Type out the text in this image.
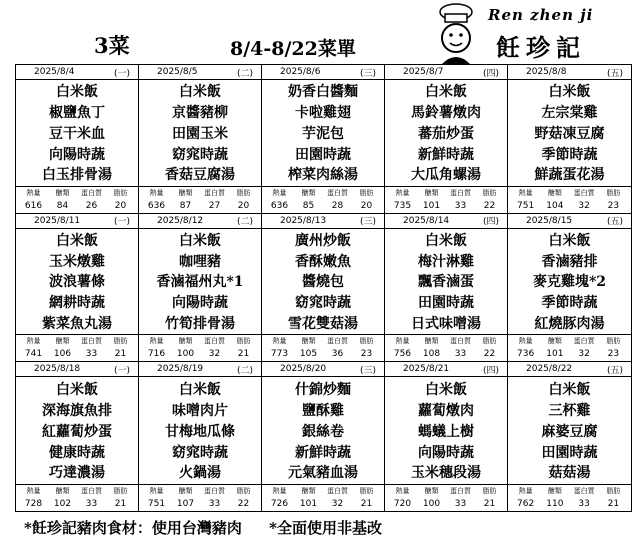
3菜	8/4-8/22菜單
Ren zhen ji
飪珍記
2025/8/4	(一)
白米飯
椒鹽魚丁
豆干米血
向陽時蔬
白玉排骨湯
熱量	醣類	蛋白質	脂肪
616	84	26	20
2025/8/5	(二)
白米飯
京醬豬柳
田園玉米
窈窕時蔬
香菇豆腐湯
熱量	醣類	蛋白質	脂肪
636	87	27	20
2025/8/6	(三)
奶香白醬麵
卡啦雞翅
芋泥包
田園時蔬
榨菜肉絲湯
熱量	醣類	蛋白質	脂肪
636	85	28	20
2025/8/7	(四)
白米飯
馬鈴薯燉肉
蕃茄炒蛋
新鮮時蔬
大瓜角螺湯
熱量	醣類	蛋白質	脂肪
735	101	33	22
2025/8/8	(五)
白米飯
左宗棠雞
野菇凍豆腐
季節時蔬
鮮蔬蛋花湯
熱量	醣類	蛋白質	脂肪
751	104	32	23
2025/8/11	(一)
白米飯
玉米燉雞
波浪薯條
網耕時蔬
紫菜魚丸湯
熱量	醣類	蛋白質	脂肪
741	106	33	21
2025/8/12	(二)
白米飯
咖哩豬
香滷福州丸*1
向陽時蔬
竹筍排骨湯
熱量	醣類	蛋白質	脂肪
716	100	32	21
2025/8/13	(三)
廣州炒飯
香酥嫩魚
醬燒包
窈窕時蔬
雪花雙菇湯
熱量	醣類	蛋白質	脂肪
773	105	36	23
2025/8/14	(四)
白米飯
梅汁淋雞
飄香滷蛋
田園時蔬
日式味噌湯
熱量	醣類	蛋白質	脂肪
756	108	33	22
2025/8/15	(五)
白米飯
香滷豬排
麥克雞塊*2
季節時蔬
紅燒豚肉湯
熱量	醣類	蛋白質	脂肪
736	101	32	23
2025/8/18	(一)
白米飯
深海旗魚排
紅蘿蔔炒蛋
健康時蔬
巧達濃湯
熱量	醣類	蛋白質	脂肪
728	102	33	21
2025/8/19	(二)
白米飯
味噌肉片
甘梅地瓜條
窈窕時蔬
火鍋湯
熱量	醣類	蛋白質	脂肪
751	107	33	22
2025/8/20	(三)
什錦炒麵
鹽酥雞
銀絲卷
新鮮時蔬
元氣豬血湯
熱量	醣類	蛋白質	脂肪
726	101	32	21
2025/8/21	(四)
白米飯
蘿蔔燉肉
螞蟻上樹
向陽時蔬
玉米穗段湯
熱量	醣類	蛋白質	脂肪
720	100	33	21
2025/8/22	(五)
白米飯
三杯雞
麻婆豆腐
田園時蔬
菇菇湯
熱量	醣類	蛋白質	脂肪
762	110	33	21
*飪珍記豬肉食材：使用台灣豬肉 *全面使用非基改
